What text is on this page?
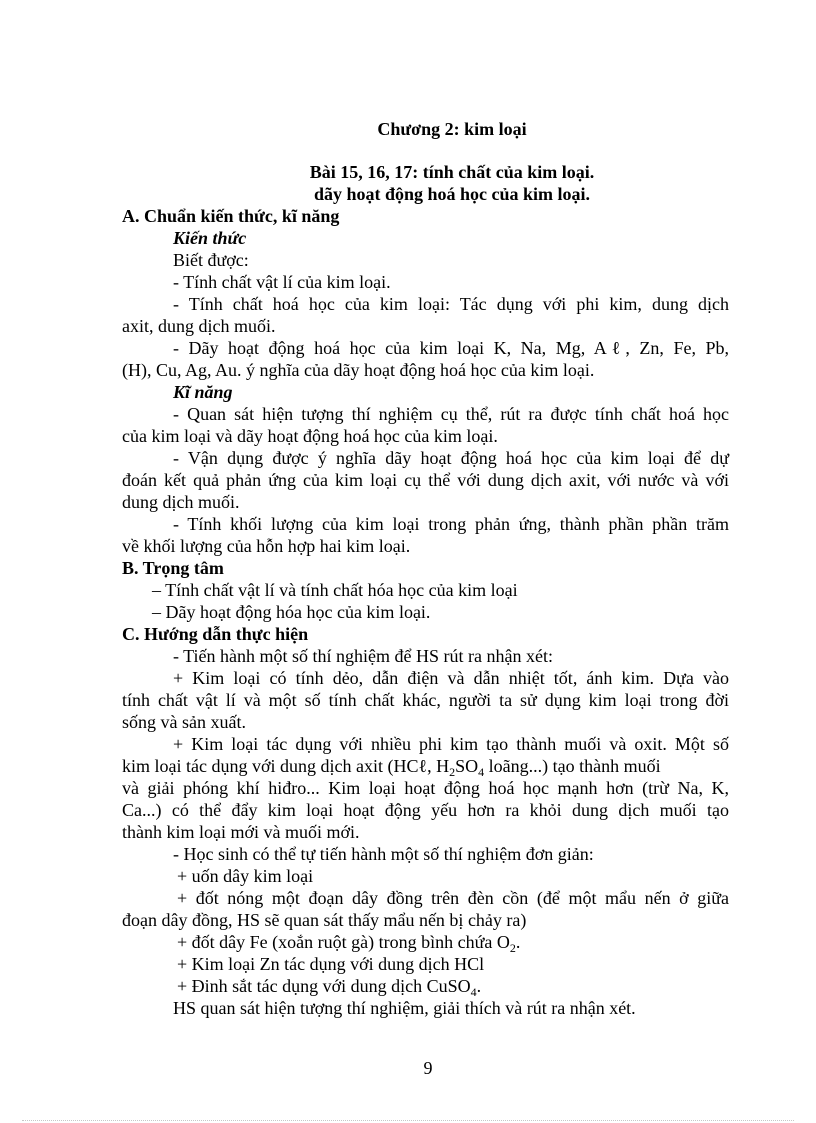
Chương 2: kim loại
Bài 15, 16, 17: tính chất của kim loại.
dãy hoạt động hoá học của kim loại.
A. Chuẩn kiến thức, kĩ năng
Kiến thức
Biết được:
- Tính chất vật lí của kim loại.
- Tính chất hoá học của kim loại: Tác dụng với phi kim, dung dịch
axit, dung dịch muối.
- Dãy hoạt động hoá học của kim loại K, Na, Mg, Aℓ, Zn, Fe, Pb,
(H), Cu, Ag, Au. ý nghĩa của dãy hoạt động hoá học của kim loại.
Kĩ năng
- Quan sát hiện tượng thí nghiệm cụ thể, rút ra được tính chất hoá học
của kim loại và dãy hoạt động hoá học của kim loại.
- Vận dụng được ý nghĩa dãy hoạt động hoá học của kim loại để dự
đoán kết quả phản ứng của kim loại cụ thể với dung dịch axit, với nước và với
dung dịch muối.
- Tính khối lượng của kim loại trong phản ứng, thành phần phần trăm
về khối lượng của hỗn hợp hai kim loại.
B. Trọng tâm
– Tính chất vật lí và tính chất hóa học của kim loại
– Dãy hoạt động hóa học của kim loại.
C. Hướng dẫn thực hiện
- Tiến hành một số thí nghiệm để HS rút ra nhận xét:
+ Kim loại có tính dẻo, dẫn điện và dẫn nhiệt tốt, ánh kim. Dựa vào
tính chất vật lí và một số tính chất khác, người ta sử dụng kim loại trong đời
sống và sản xuất.
+ Kim loại tác dụng với nhiều phi kim tạo thành muối và oxit. Một số
kim loại tác dụng với dung dịch axit (HCℓ, $H_2SO_4$ loãng...) tạo thành muối
và giải phóng khí hiđro... Kim loại hoạt động hoá học mạnh hơn (trừ Na, K,
Ca...) có thể đẩy kim loại hoạt động yếu hơn ra khỏi dung dịch muối tạo
thành kim loại mới và muối mới.
- Học sinh có thể tự tiến hành một số thí nghiệm đơn giản:
+ uốn dây kim loại
+ đốt nóng một đoạn dây đồng trên đèn cồn (để một mẩu nến ở giữa
đoạn dây đồng, HS sẽ quan sát thấy mẩu nến bị chảy ra)
+ đốt dây Fe (xoắn ruột gà) trong bình chứa $O_2$.
+ Kim loại Zn tác dụng với dung dịch HCl
+ Đinh sắt tác dụng với dung dịch CuSO$_4$.
HS quan sát hiện tượng thí nghiệm, giải thích và rút ra nhận xét.
9
